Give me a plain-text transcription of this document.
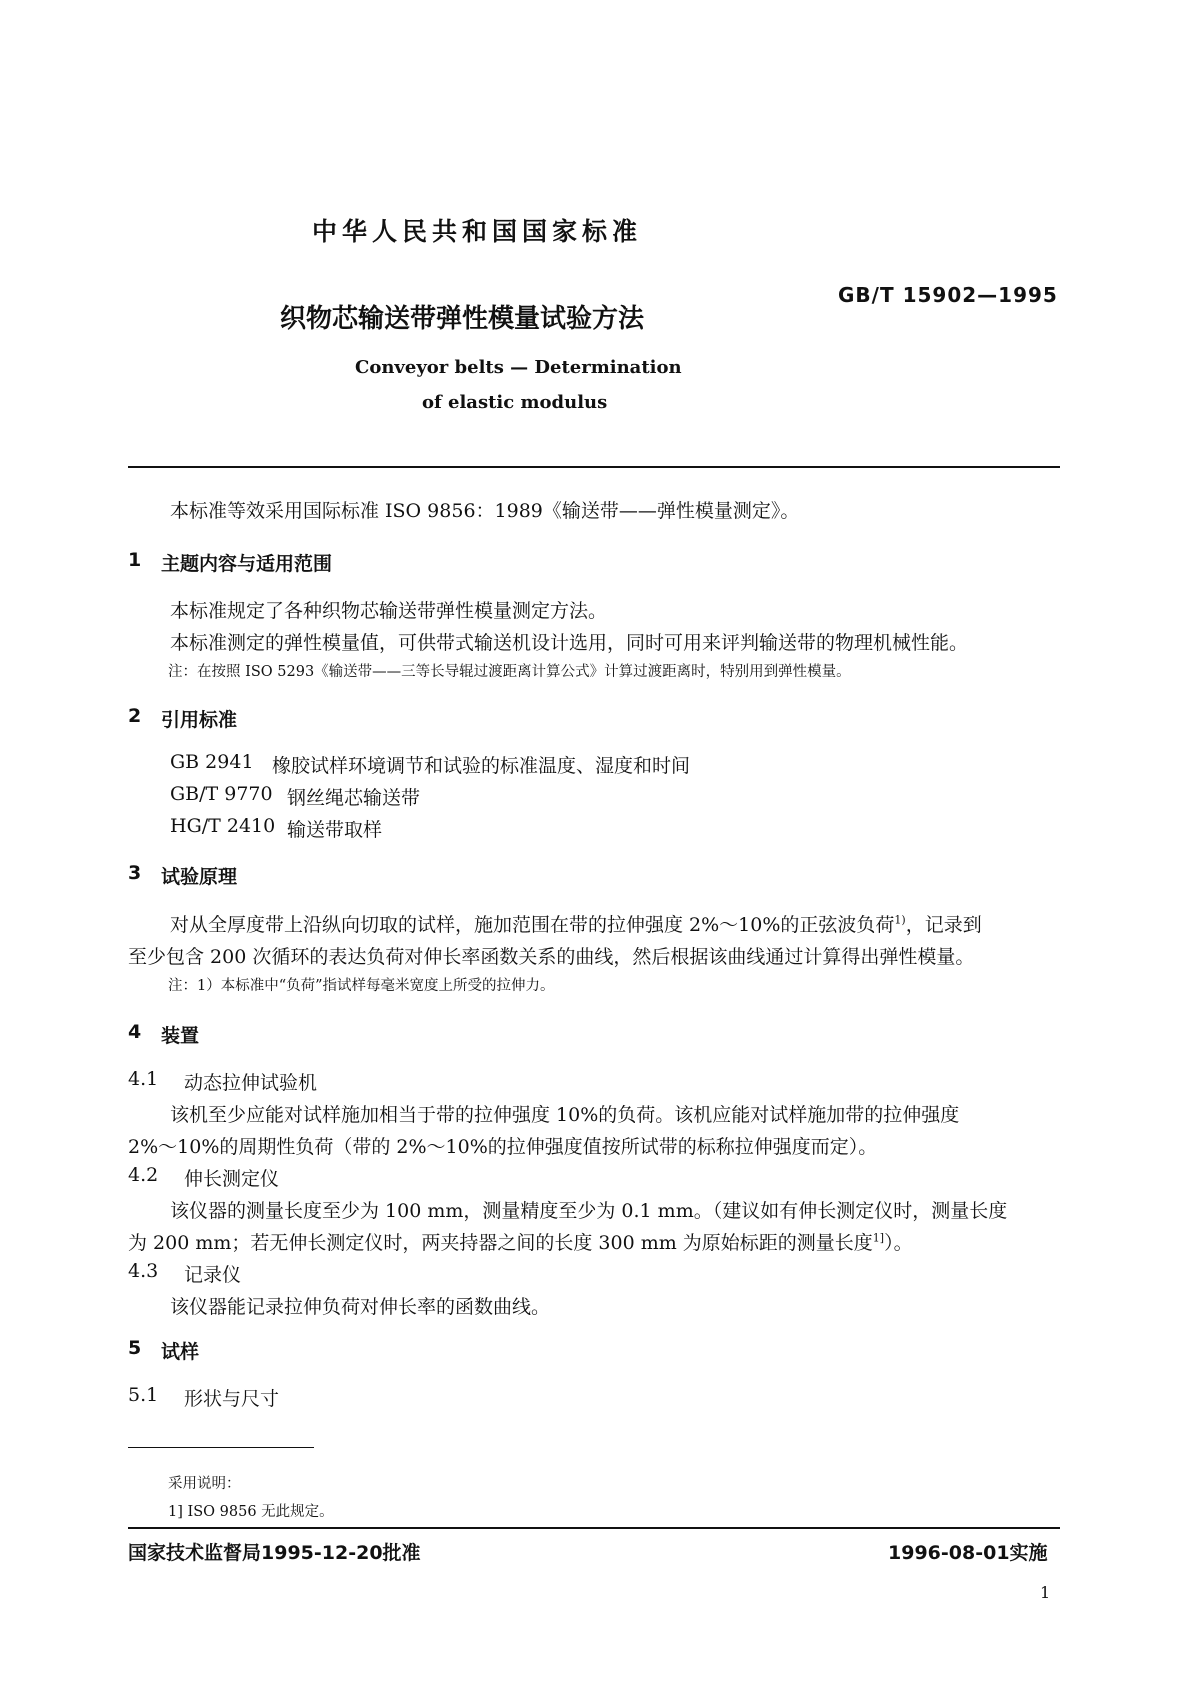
中华人民共和国国家标准
GB/T 15902—1995
织物芯输送带弹性模量试验方法
Conveyor belts — Determination
of elastic modulus
本标准等效采用国际标准 ISO 9856：1989《输送带——弹性模量测定》。
1 主题内容与适用范围
本标准规定了各种织物芯输送带弹性模量测定方法。
本标准测定的弹性模量值，可供带式输送机设计选用，同时可用来评判输送带的物理机械性能。
注：在按照 ISO 5293《输送带——三等长导辊过渡距离计算公式》计算过渡距离时，特别用到弹性模量。
2 引用标准
GB 2941 橡胶试样环境调节和试验的标准温度、湿度和时间
GB/T 9770 钢丝绳芯输送带
HG/T 2410 输送带取样
3 试验原理
对从全厚度带上沿纵向切取的试样，施加范围在带的拉伸强度 2%～10%的正弦波负荷$^{1)}$，记录到
至少包含 200 次循环的表达负荷对伸长率函数关系的曲线，然后根据该曲线通过计算得出弹性模量。
注：1）本标准中“负荷”指试样每毫米宽度上所受的拉伸力。
4 装置
4.1 动态拉伸试验机
该机至少应能对试样施加相当于带的拉伸强度 10%的负荷。该机应能对试样施加带的拉伸强度
2%～10%的周期性负荷（带的 2%～10%的拉伸强度值按所试带的标称拉伸强度而定）。
4.2 伸长测定仪
该仪器的测量长度至少为 100 mm，测量精度至少为 0.1 mm。（建议如有伸长测定仪时，测量长度
为 200 mm；若无伸长测定仪时，两夹持器之间的长度 300 mm 为原始标距的测量长度$^{1]}$）。
4.3 记录仪
该仪器能记录拉伸负荷对伸长率的函数曲线。
5 试样
5.1 形状与尺寸
采用说明：
1] ISO 9856 无此规定。
国家技术监督局1995-12-20批准	1996-08-01实施
1
